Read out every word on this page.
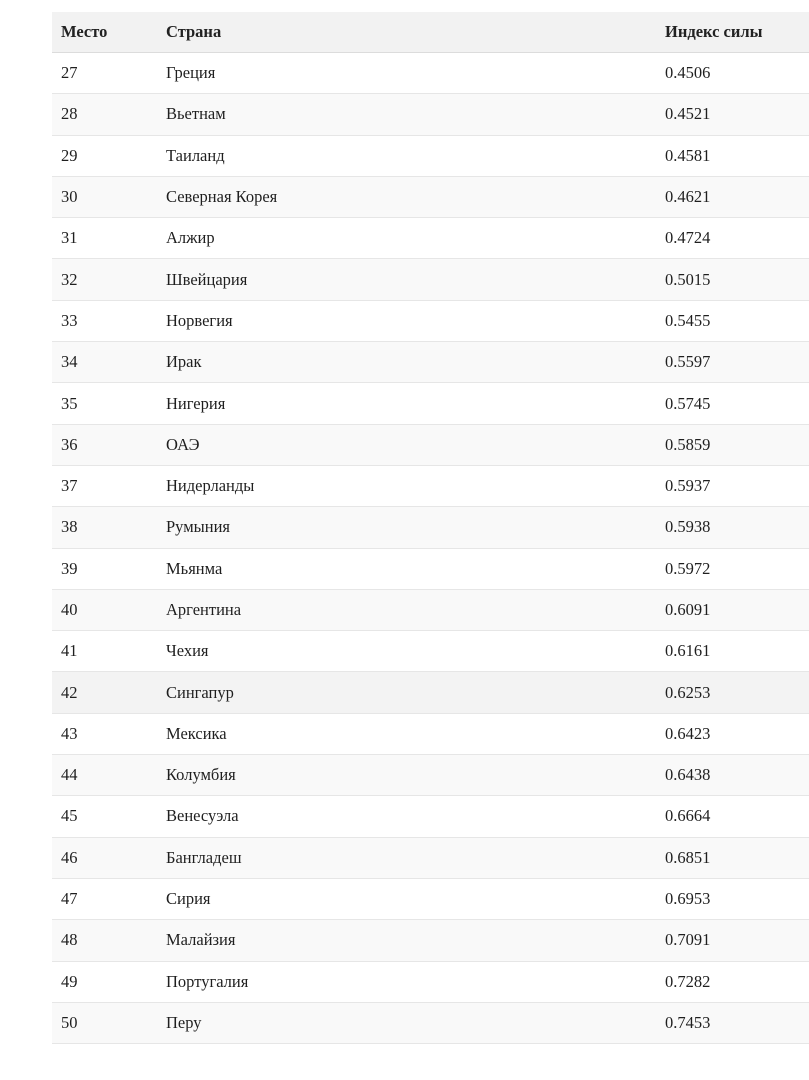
Место	Страна	Индекс силы
27	Греция	0.4506
28	Вьетнам	0.4521
29	Таиланд	0.4581
30	Северная Корея	0.4621
31	Алжир	0.4724
32	Швейцария	0.5015
33	Норвегия	0.5455
34	Ирак	0.5597
35	Нигерия	0.5745
36	ОАЭ	0.5859
37	Нидерланды	0.5937
38	Румыния	0.5938
39	Мьянма	0.5972
40	Аргентина	0.6091
41	Чехия	0.6161
42	Сингапур	0.6253
43	Мексика	0.6423
44	Колумбия	0.6438
45	Венесуэла	0.6664
46	Бангладеш	0.6851
47	Сирия	0.6953
48	Малайзия	0.7091
49	Португалия	0.7282
50	Перу	0.7453
